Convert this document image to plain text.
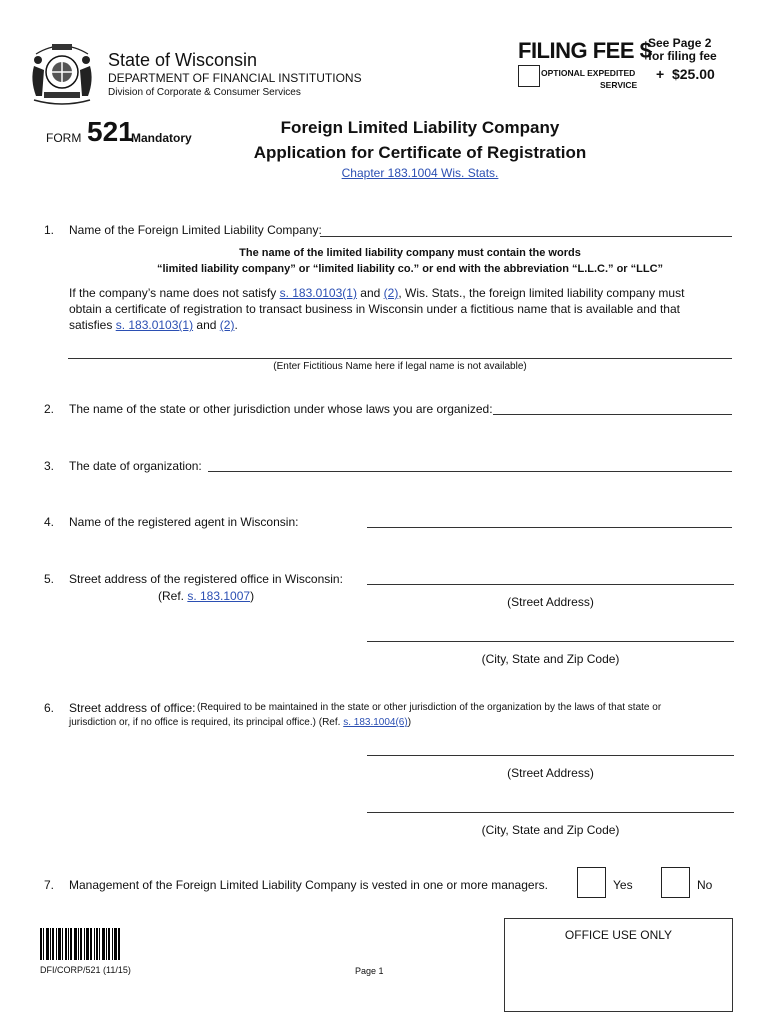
State of Wisconsin
DEPARTMENT OF FINANCIAL INSTITUTIONS
Division of Corporate & Consumer Services
FILING FEE $
OPTIONAL EXPEDITED
SERVICE
See Page 2
for filing fee
+  $25.00
FORM 521
Mandatory
Foreign Limited Liability Company
Application for Certificate of Registration
Chapter 183.1004 Wis. Stats.
1. Name of the Foreign Limited Liability Company:
The name of the limited liability company must contain the words
“limited liability company” or “limited liability co.” or end with the abbreviation “L.L.C.” or “LLC”
If the company’s name does not satisfy s. 183.0103(1) and (2), Wis. Stats., the foreign limited liability company must
obtain a certificate of registration to transact business in Wisconsin under a fictitious name that is available and that
satisfies s. 183.0103(1) and (2).
(Enter Fictitious Name here if legal name is not available)
2. The name of the state or other jurisdiction under whose laws you are organized:
3. The date of organization:
4. Name of the registered agent in Wisconsin:
5. Street address of the registered office in Wisconsin:
(Ref. s. 183.1007)	(Street Address)
(City, State and Zip Code)
6. Street address of office: (Required to be maintained in the state or other jurisdiction of the organization by the laws of that state or
jurisdiction or, if no office is required, its principal office.) (Ref. s. 183.1004(6))
(Street Address)
(City, State and Zip Code)
7. Management of the Foreign Limited Liability Company is vested in one or more managers.	Yes	No
DFI/CORP/521 (11/15)	Page 1
OFFICE USE ONLY
